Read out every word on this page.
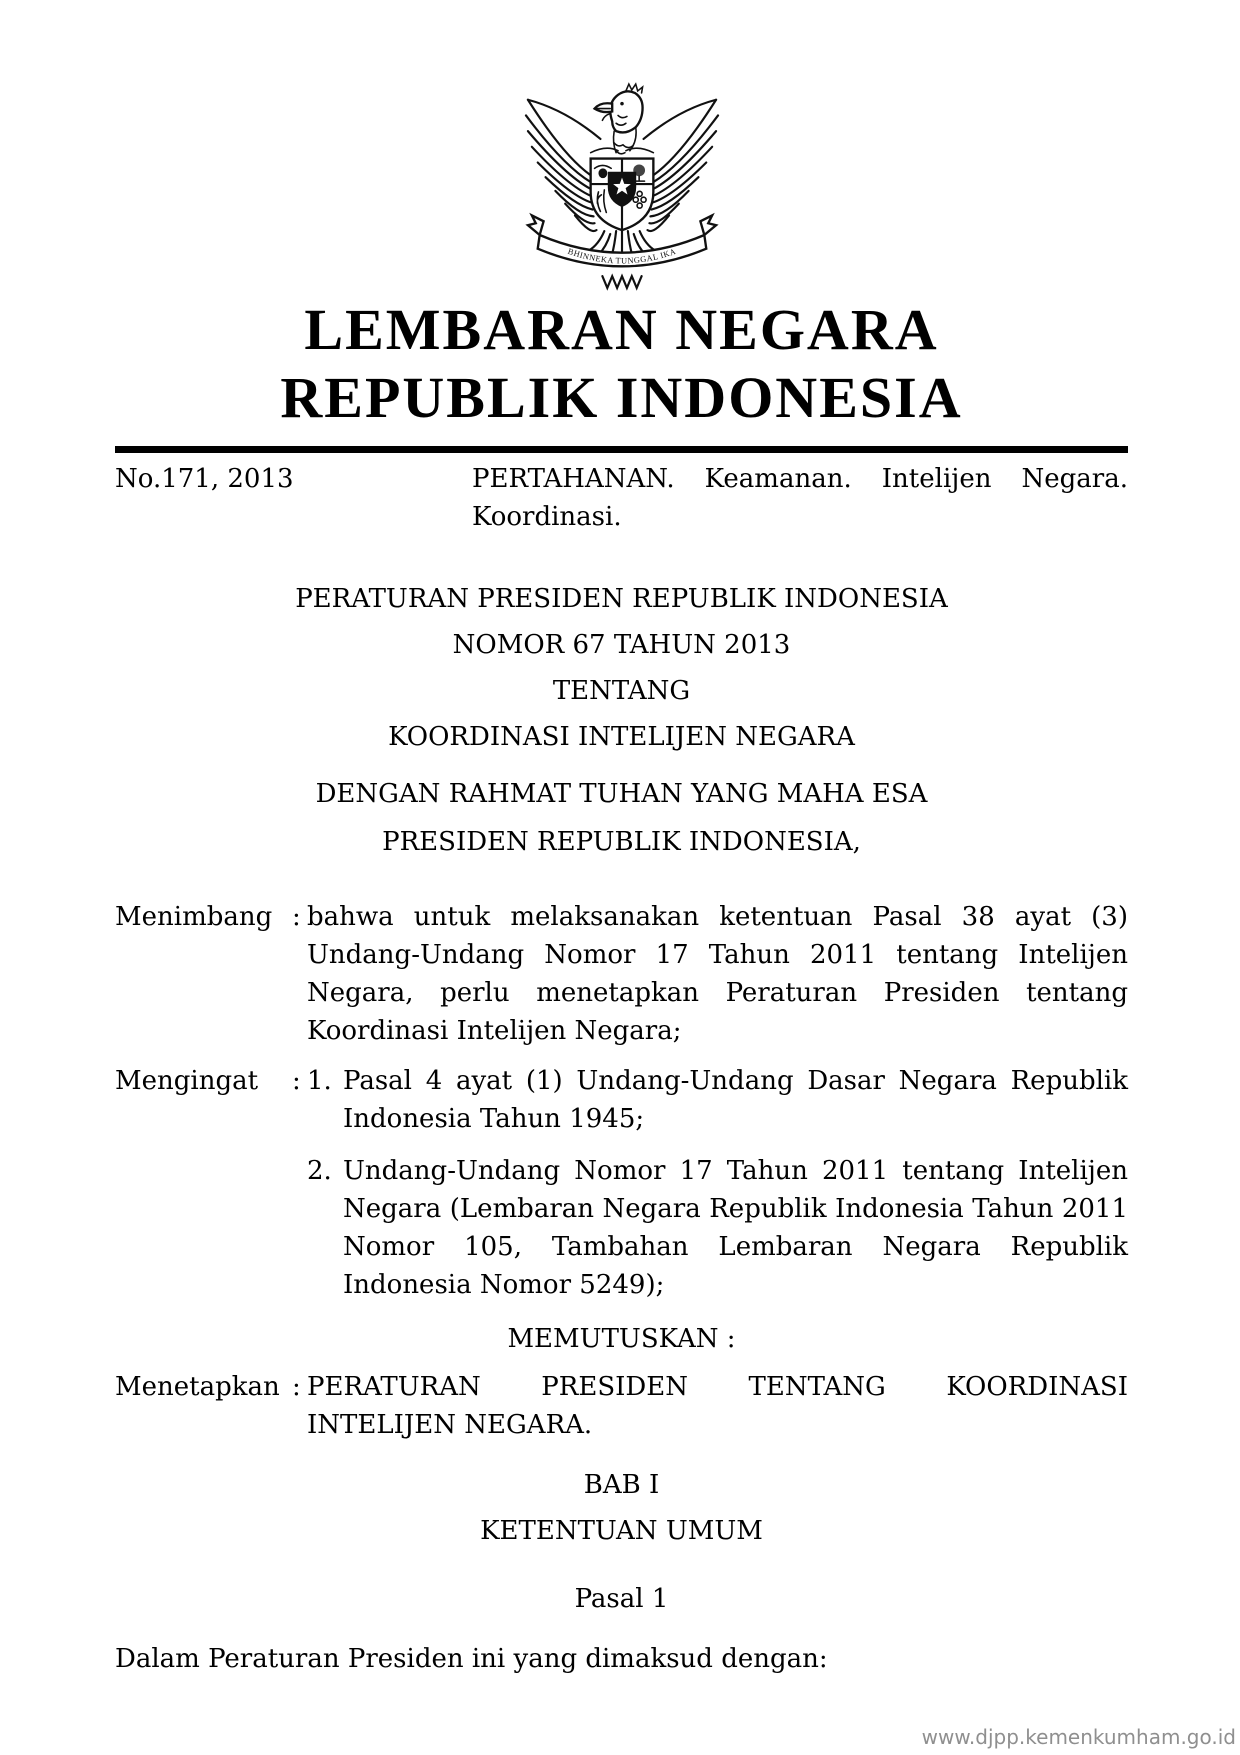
BHINNEKA TUNGGAL IKA
LEMBARAN NEGARA
REPUBLIK INDONESIA
No.171, 2013	PERTAHANAN. Keamanan. Intelijen Negara. Koordinasi.
PERATURAN PRESIDEN REPUBLIK INDONESIA
NOMOR 67 TAHUN 2013
TENTANG
KOORDINASI INTELIJEN NEGARA
DENGAN RAHMAT TUHAN YANG MAHA ESA
PRESIDEN REPUBLIK INDONESIA,
Menimbang : bahwa untuk melaksanakan ketentuan Pasal 38 ayat (3) Undang-Undang Nomor 17 Tahun 2011 tentang Intelijen Negara, perlu menetapkan Peraturan Presiden tentang Koordinasi Intelijen Negara;
Mengingat	: 1. Pasal 4 ayat (1) Undang-Undang Dasar Negara Republik Indonesia Tahun 1945;
2. Undang-Undang Nomor 17 Tahun 2011 tentang Intelijen Negara (Lembaran Negara Republik Indonesia Tahun 2011 Nomor 105, Tambahan Lembaran Negara Republik Indonesia Nomor 5249);
MEMUTUSKAN :
Menetapkan : PERATURAN PRESIDEN TENTANG KOORDINASI INTELIJEN NEGARA.
BAB I
KETENTUAN UMUM
Pasal 1
Dalam Peraturan Presiden ini yang dimaksud dengan:
www.djpp.kemenkumham.go.id
